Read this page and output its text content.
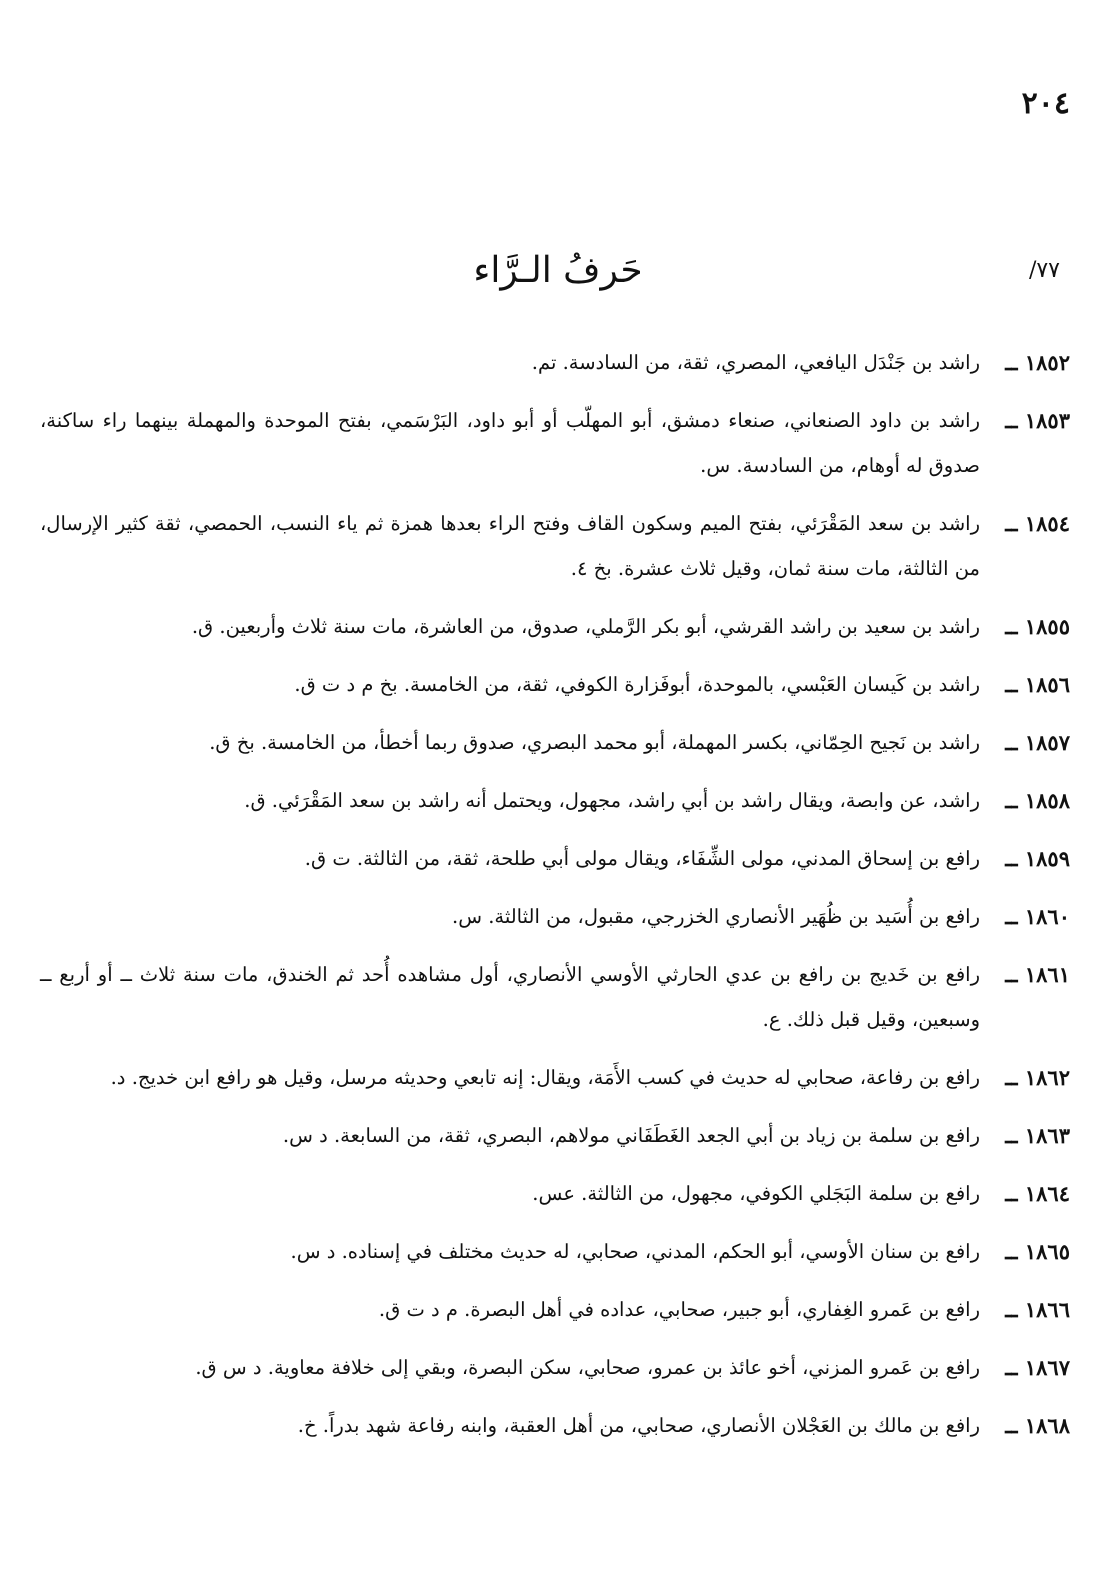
٢٠٤
/٧٧
حَرفُ الـرَّاء
١٨٥٢ ــ
راشد بن جَنْدَل اليافعي، المصري، ثقة، من السادسة. تم.
١٨٥٣ ــ
راشد بن داود الصنعاني، صنعاء دمشق، أبو المهلّب أو أبو داود، البَرْسَمي، بفتح الموحدة والمهملة بينهما راء ساكنة، صدوق له أوهام، من السادسة. س.
١٨٥٤ ــ
راشد بن سعد المَقْرَئي، بفتح الميم وسكون القاف وفتح الراء بعدها همزة ثم ياء النسب، الحمصي، ثقة كثير الإرسال، من الثالثة، مات سنة ثمان، وقيل ثلاث عشرة. بخ ٤.
١٨٥٥ ــ
راشد بن سعيد بن راشد القرشي، أبو بكر الرَّملي، صدوق، من العاشرة، مات سنة ثلاث وأربعين. ق.
١٨٥٦ ــ
راشد بن كَيسان العَبْسي، بالموحدة، أبوفَزارة الكوفي، ثقة، من الخامسة. بخ م د ت ق.
١٨٥٧ ــ
راشد بن نَجيح الحِمّاني، بكسر المهملة، أبو محمد البصري، صدوق ربما أخطأ، من الخامسة. بخ ق.
١٨٥٨ ــ
راشد، عن وابصة، ويقال راشد بن أبي راشد، مجهول، ويحتمل أنه راشد بن سعد المَقْرَئي. ق.
١٨٥٩ ــ
رافع بن إسحاق المدني، مولى الشِّفَاء، ويقال مولى أبي طلحة، ثقة، من الثالثة. ت ق.
١٨٦٠ ــ
رافع بن أُسَيد بن ظُهَير الأنصاري الخزرجي، مقبول، من الثالثة. س.
١٨٦١ ــ
رافع بن خَديج بن رافع بن عدي الحارثي الأوسي الأنصاري، أول مشاهده أُحد ثم الخندق، مات سنة ثلاث ــ أو أربع ــ وسبعين، وقيل قبل ذلك. ع.
١٨٦٢ ــ
رافع بن رفاعة، صحابي له حديث في كسب الأَمَة، ويقال: إنه تابعي وحديثه مرسل، وقيل هو رافع ابن خديج. د.
١٨٦٣ ــ
رافع بن سلمة بن زياد بن أبي الجعد الغَطَفَاني مولاهم، البصري، ثقة، من السابعة. د س.
١٨٦٤ ــ
رافع بن سلمة البَجَلي الكوفي، مجهول، من الثالثة. عس.
١٨٦٥ ــ
رافع بن سنان الأوسي، أبو الحكم، المدني، صحابي، له حديث مختلف في إسناده. د س.
١٨٦٦ ــ
رافع بن عَمرو الغِفاري، أبو جبير، صحابي، عداده في أهل البصرة. م د ت ق.
١٨٦٧ ــ
رافع بن عَمرو المزني، أخو عائذ بن عمرو، صحابي، سكن البصرة، وبقي إلى خلافة معاوية. د س ق.
١٨٦٨ ــ
رافع بن مالك بن العَجْلان الأنصاري، صحابي، من أهل العقبة، وابنه رفاعة شهد بدراً. خ.
